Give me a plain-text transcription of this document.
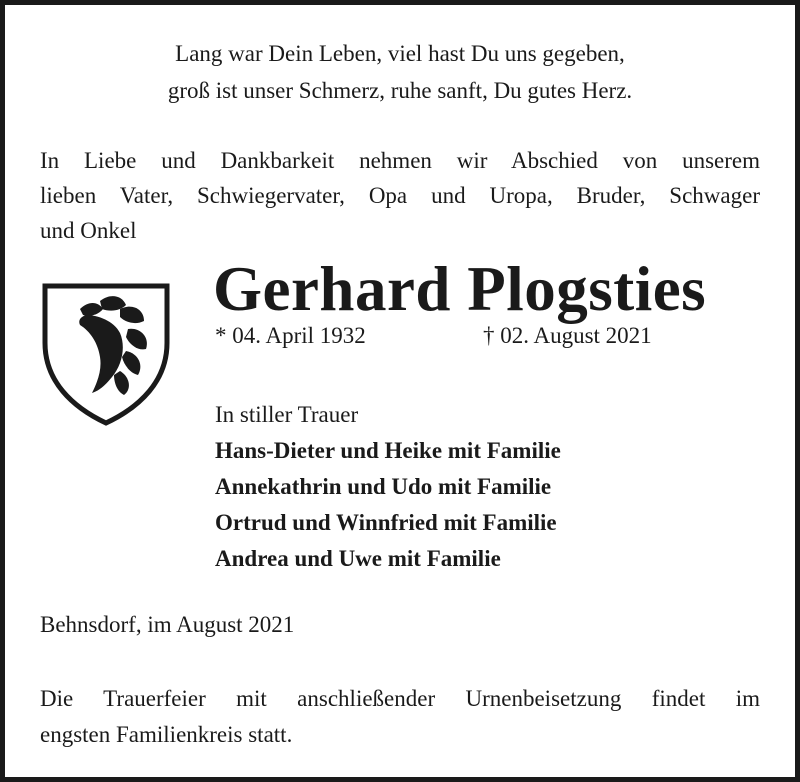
Lang war Dein Leben, viel hast Du uns gegeben,
groß ist unser Schmerz, ruhe sanft, Du gutes Herz.
In Liebe und Dankbarkeit nehmen wir Abschied von unserem
lieben Vater, Schwiegervater, Opa und Uropa, Bruder, Schwager
und Onkel
Gerhard Plogsties
* 04. April 1932	† 02. August 2021
In stiller Trauer
Hans-Dieter und Heike mit Familie
Annekathrin und Udo mit Familie
Ortrud und Winnfried mit Familie
Andrea und Uwe mit Familie
Behnsdorf, im August 2021
Die Trauerfeier mit anschließender Urnenbeisetzung findet im
engsten Familienkreis statt.
